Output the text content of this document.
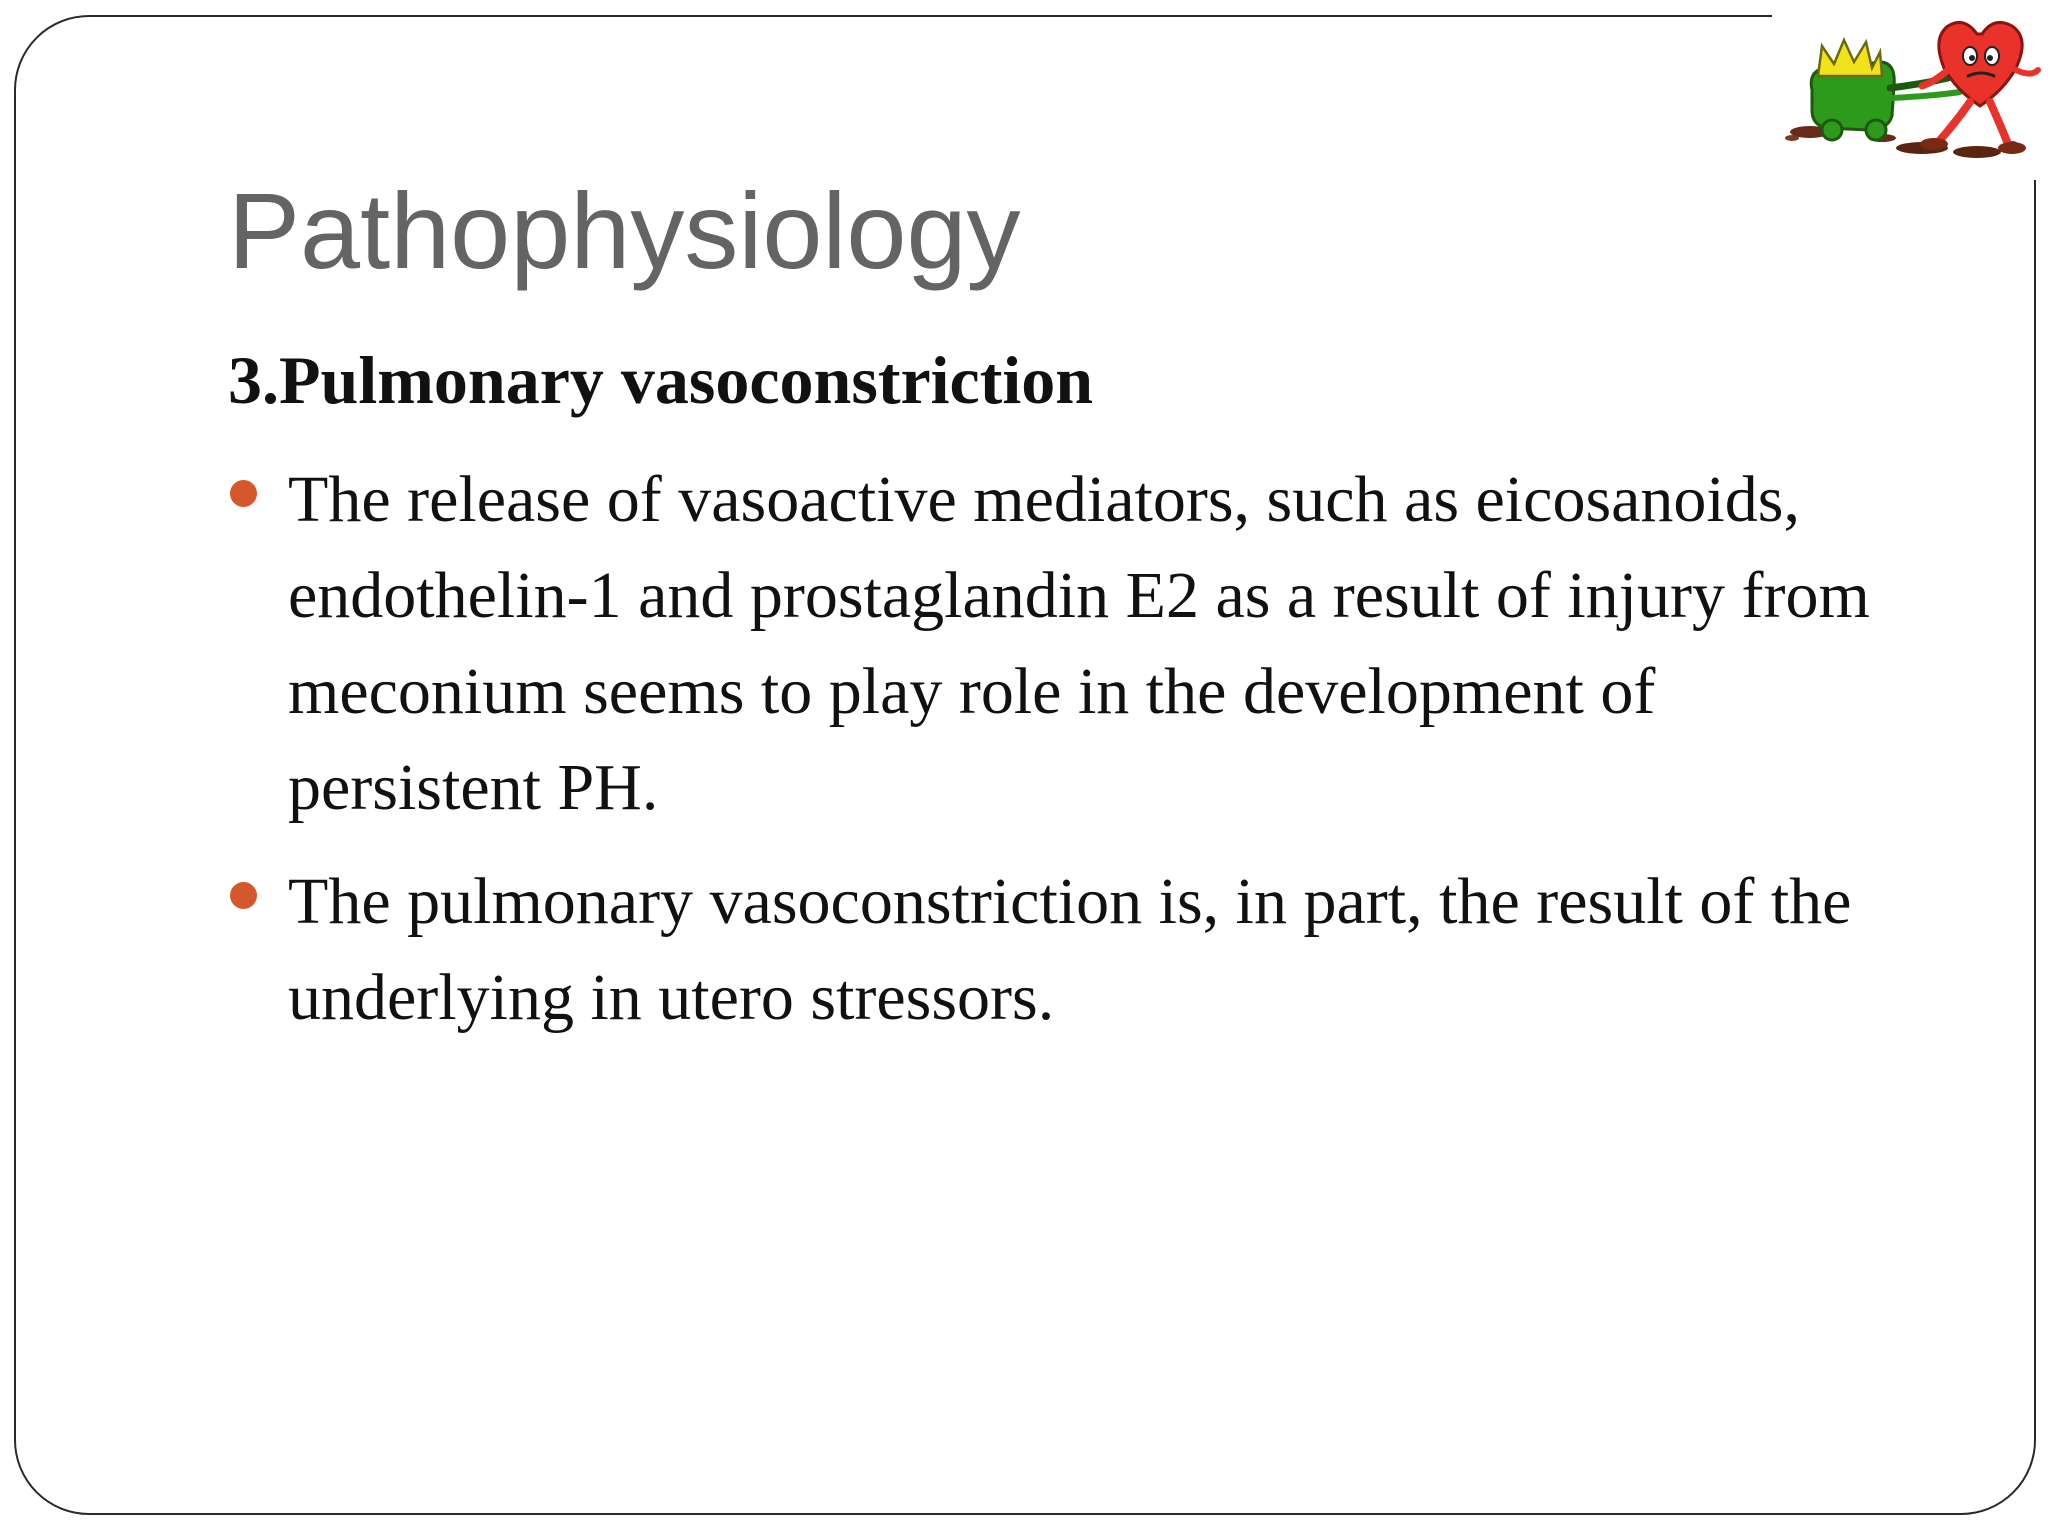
Pathophysiology
3.Pulmonary vasoconstriction
The release of vasoactive mediators, such as eicosanoids, endothelin-1 and prostaglandin E2 as a result of injury from meconium seems to play role in the development of persistent PH.
The pulmonary vasoconstriction is, in part, the result of the underlying in utero stressors.
